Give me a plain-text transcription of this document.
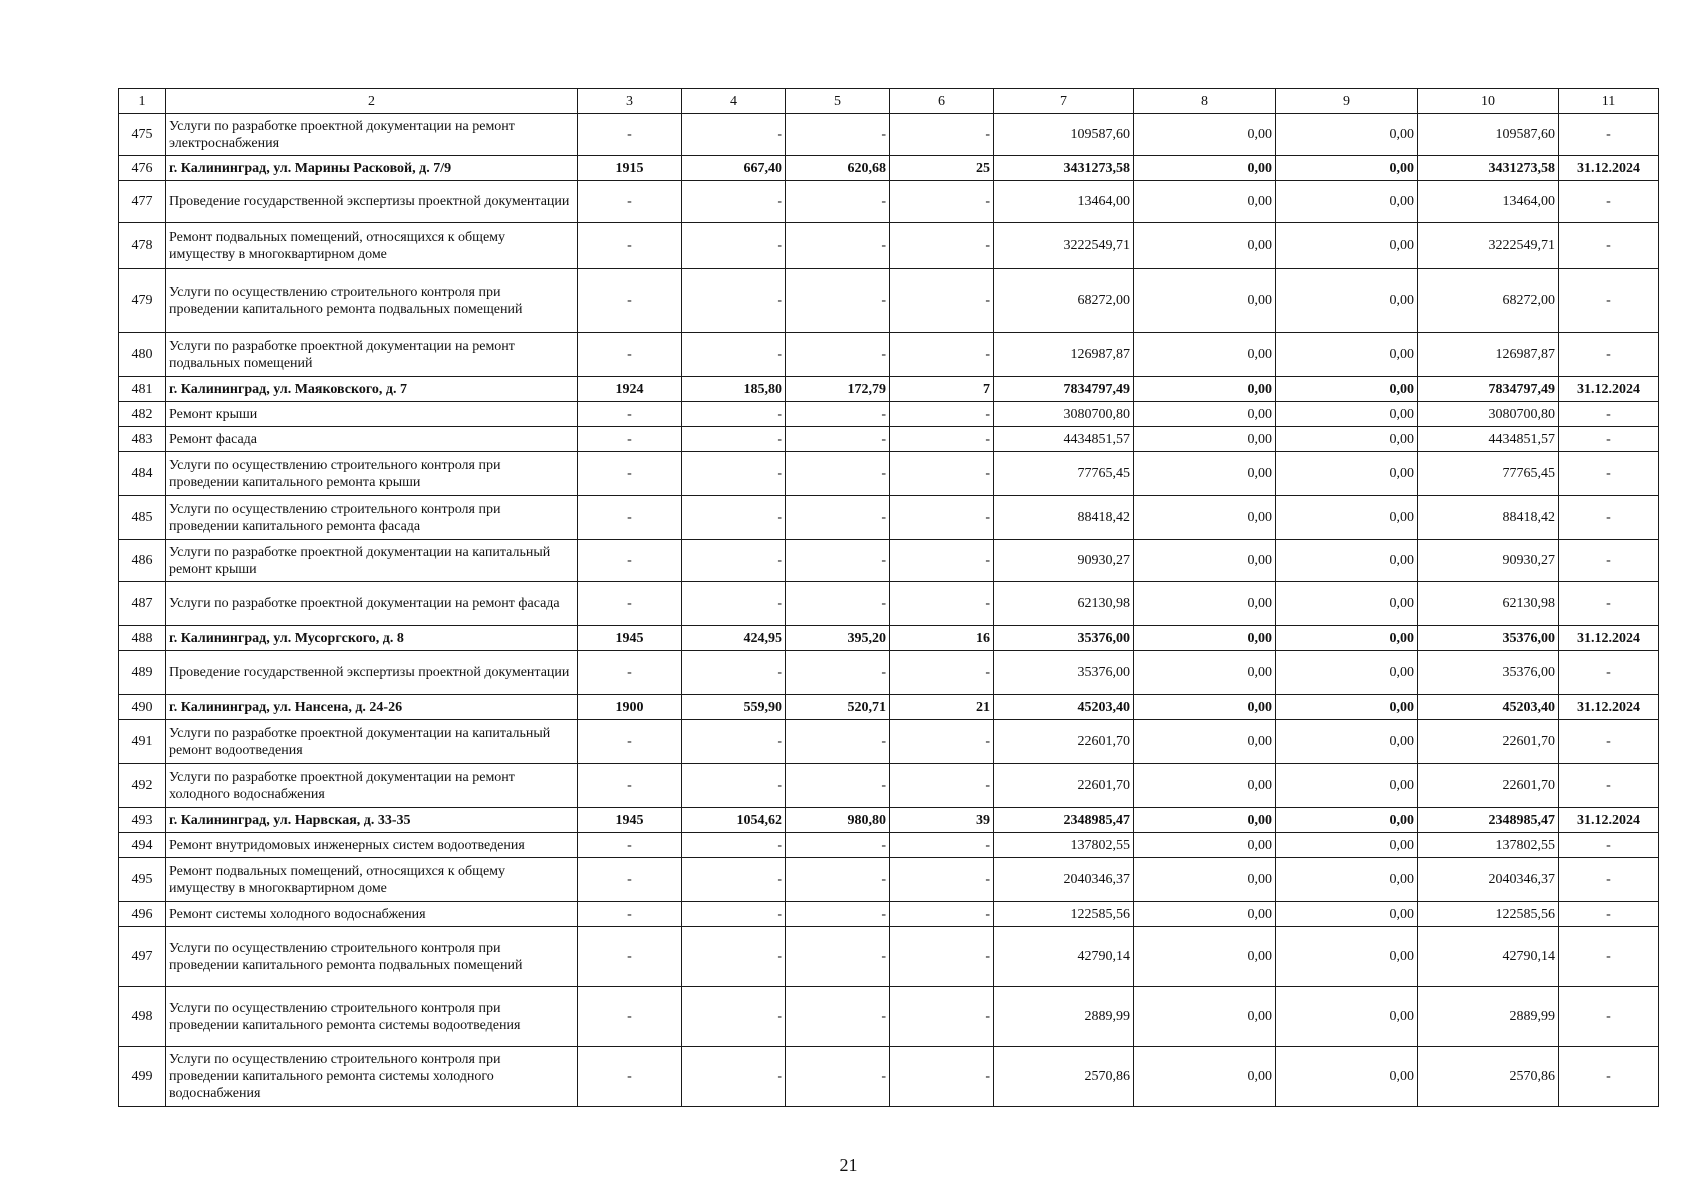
1	2	3	4	5	6	7	8	9	10	11
475	Услуги по разработке проектной документации на ремонт электроснабжения	-	-	-	-	109587,60	0,00	0,00	109587,60	-
476	г. Калининград, ул. Марины Расковой, д. 7/9	1915	667,40	620,68	25	3431273,58	0,00	0,00	3431273,58	31.12.2024
477	Проведение государственной экспертизы проектной документации	-	-	-	-	13464,00	0,00	0,00	13464,00	-
478	Ремонт подвальных помещений, относящихся к общему имуществу в многоквартирном доме	-	-	-	-	3222549,71	0,00	0,00	3222549,71	-
479	Услуги по осуществлению строительного контроля при проведении капитального ремонта подвальных помещений	-	-	-	-	68272,00	0,00	0,00	68272,00	-
480	Услуги по разработке проектной документации на ремонт подвальных помещений	-	-	-	-	126987,87	0,00	0,00	126987,87	-
481	г. Калининград, ул. Маяковского, д. 7	1924	185,80	172,79	7	7834797,49	0,00	0,00	7834797,49	31.12.2024
482	Ремонт крыши	-	-	-	-	3080700,80	0,00	0,00	3080700,80	-
483	Ремонт фасада	-	-	-	-	4434851,57	0,00	0,00	4434851,57	-
484	Услуги по осуществлению строительного контроля при проведении капитального ремонта крыши	-	-	-	-	77765,45	0,00	0,00	77765,45	-
485	Услуги по осуществлению строительного контроля при проведении капитального ремонта фасада	-	-	-	-	88418,42	0,00	0,00	88418,42	-
486	Услуги по разработке проектной документации на капитальный ремонт крыши	-	-	-	-	90930,27	0,00	0,00	90930,27	-
487	Услуги по разработке проектной документации на ремонт фасада	-	-	-	-	62130,98	0,00	0,00	62130,98	-
488	г. Калининград, ул. Мусоргского, д. 8	1945	424,95	395,20	16	35376,00	0,00	0,00	35376,00	31.12.2024
489	Проведение государственной экспертизы проектной документации	-	-	-	-	35376,00	0,00	0,00	35376,00	-
490	г. Калининград, ул. Нансена, д. 24-26	1900	559,90	520,71	21	45203,40	0,00	0,00	45203,40	31.12.2024
491	Услуги по разработке проектной документации на капитальный ремонт водоотведения	-	-	-	-	22601,70	0,00	0,00	22601,70	-
492	Услуги по разработке проектной документации на ремонт холодного водоснабжения	-	-	-	-	22601,70	0,00	0,00	22601,70	-
493	г. Калининград, ул. Нарвская, д. 33-35	1945	1054,62	980,80	39	2348985,47	0,00	0,00	2348985,47	31.12.2024
494	Ремонт внутридомовых инженерных систем водоотведения	-	-	-	-	137802,55	0,00	0,00	137802,55	-
495	Ремонт подвальных помещений, относящихся к общему имуществу в многоквартирном доме	-	-	-	-	2040346,37	0,00	0,00	2040346,37	-
496	Ремонт системы холодного водоснабжения	-	-	-	-	122585,56	0,00	0,00	122585,56	-
497	Услуги по осуществлению строительного контроля при проведении капитального ремонта подвальных помещений	-	-	-	-	42790,14	0,00	0,00	42790,14	-
498	Услуги по осуществлению строительного контроля при проведении капитального ремонта системы водоотведения	-	-	-	-	2889,99	0,00	0,00	2889,99	-
499	Услуги по осуществлению строительного контроля при проведении капитального ремонта системы холодного водоснабжения	-	-	-	-	2570,86	0,00	0,00	2570,86	-
21
